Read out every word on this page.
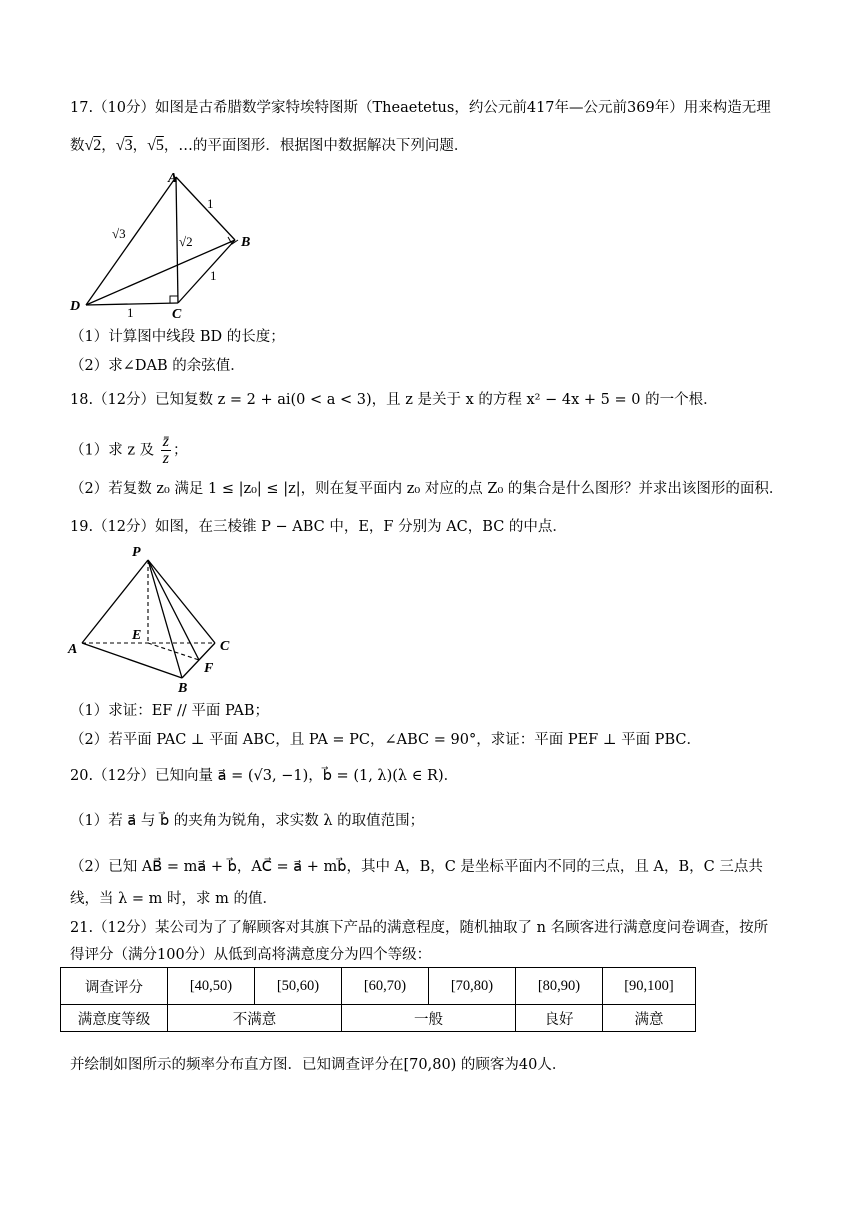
17.（10分）如图是古希腊数学家特埃特图斯（Theaetetus，约公元前417年—公元前369年）用来构造无理
数√2，√3，√5，…的平面图形．根据图中数据解决下列问题．
A
B
C
D
1
1
1
√3
√2
（1）计算图中线段 BD 的长度；
（2）求∠DAB 的余弦值．
18.（12分）已知复数 z = 2 + ai(0 < a < 3)，且 z 是关于 x 的方程 x² − 4x + 5 = 0 的一个根．
（1）求 z 及 $\frac{z̄}{z}$ ；
（2）若复数 z₀ 满足 1 ≤ |z₀| ≤ |z|，则在复平面内 z₀ 对应的点 Z₀ 的集合是什么图形？并求出该图形的面积．
19.（12分）如图，在三棱锥 P − ABC 中，E，F 分别为 AC，BC 的中点．
P
A
E
C
F
B
（1）求证：EF // 平面 PAB；
（2）若平面 PAC ⊥ 平面 ABC，且 PA = PC，∠ABC = 90°，求证：平面 PEF ⊥ 平面 PBC．
20.（12分）已知向量 a⃗ = (√3, −1)，b⃗ = (1, λ)(λ ∈ R)．
（1）若 a⃗ 与 b⃗ 的夹角为锐角，求实数 λ 的取值范围；
（2）已知 AB⃗ = ma⃗ + b⃗，AC⃗ = a⃗ + mb⃗，其中 A，B，C 是坐标平面内不同的三点，且 A，B，C 三点共
线，当 λ = m 时，求 m 的值．
21.（12分）某公司为了了解顾客对其旗下产品的满意程度，随机抽取了 n 名顾客进行满意度问卷调查，按所
得评分（满分100分）从低到高将满意度分为四个等级：
调查评分	[40,50)	[50,60)	[60,70)	[70,80)	[80,90)	[90,100]
满意度等级	不满意		一般		良好	满意
并绘制如图所示的频率分布直方图．已知调查评分在[70,80) 的顾客为40人．
